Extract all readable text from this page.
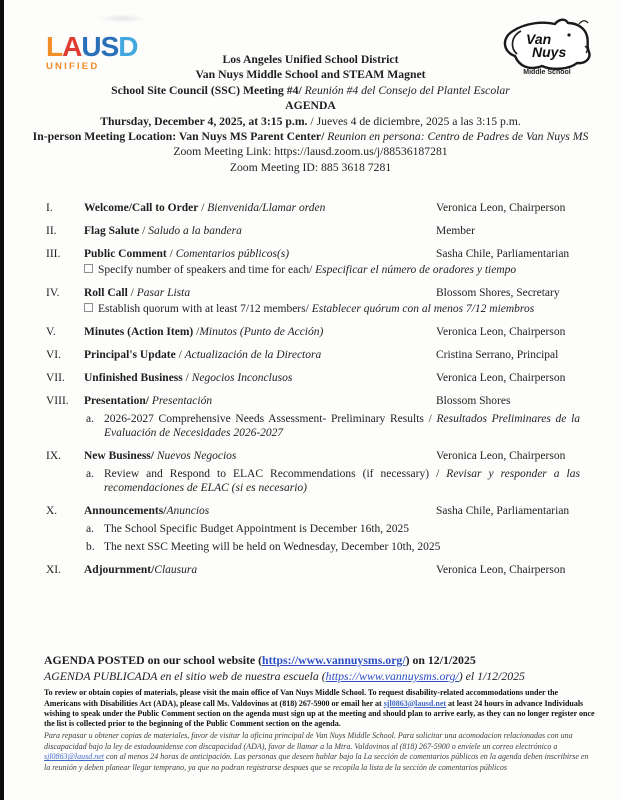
LAUSD
UNIFIED
Van
Nuys
Middle School
Los Angeles Unified School District
Van Nuys Middle School and STEAM Magnet
School Site Council (SSC) Meeting #4/ Reunión #4 del Consejo del Plantel Escolar
AGENDA
Thursday, December 4, 2025, at 3:15 p.m. / Jueves 4 de diciembre, 2025 a las 3:15 p.m.
In-person Meeting Location: Van Nuys MS Parent Center/ Reunion en persona: Centro de Padres de Van Nuys MS
Zoom Meeting Link: https://lausd.zoom.us/j/88536187281
Zoom Meeting ID: 885 3618 7281
I.	Welcome/Call to Order / Bienvenida/Llamar orden	Veronica Leon, Chairperson
II.	Flag Salute / Saludo a la bandera	Member
III.	Public Comment / Comentarios públicos(s)	Sasha Chile, Parliamentarian
Specify number of speakers and time for each/ Especificar el número de oradores y tiempo
IV.	Roll Call / Pasar Lista	Blossom Shores, Secretary
Establish quorum with at least 7/12 members/ Establecer quórum con al menos 7/12 miembros
V.	Minutes (Action Item) /Minutos (Punto de Acción)	Veronica Leon, Chairperson
VI.	Principal's Update / Actualización de la Directora	Cristina Serrano, Principal
VII.	Unfinished Business / Negocios Inconclusos	Veronica Leon, Chairperson
VIII.	Presentation/ Presentación	Blossom Shores
a. 2026-2027 Comprehensive Needs Assessment- Preliminary Results / Resultados Preliminares de la Evaluación de Necesidades 2026-2027
IX.	New Business/ Nuevos Negocios	Veronica Leon, Chairperson
a. Review and Respond to ELAC Recommendations (if necessary) / Revisar y responder a las recomendaciones de ELAC (si es necesario)
X.	Announcements/Anuncios	Sasha Chile, Parliamentarian
a. The School Specific Budget Appointment is December 16th, 2025
b. The next SSC Meeting will be held on Wednesday, December 10th, 2025
XI.	Adjournment/Clausura	Veronica Leon, Chairperson
AGENDA POSTED on our school website (https://www.vannuysms.org/) on 12/1/2025
AGENDA PUBLICADA en el sitio web de nuestra escuela (https://www.vannuysms.org/) el 1/12/2025
To review or obtain copies of materials, please visit the main office of Van Nuys Middle School. To request disability-related accommodations under the Americans with Disabilities Act (ADA), please call Ms. Valdovinos at (818) 267-5900 or email her at sjl0863@lausd.net at least 24 hours in advance Individuals wishing to speak under the Public Comment section on the agenda must sign up at the meeting and should plan to arrive early, as they can no longer register once the list is collected prior to the beginning of the Public Comment section on the agenda.
Para repasar u obtener copias de materiales, favor de visitar la oficina principal de Van Nuys Middle School. Para solicitar una acomodacion relacionadas con una discapacidad bajo la ley de estadounidense con discapacidad (ADA), favor de llamar a la Mtra. Valdovinos al (818) 267-5900 o envíele un correo electrónico a sjl0863@lausd.net con al menos 24 horas de anticipación. Las personas que deseen hablar bajo la La sección de comentarios públicos en la agenda deben inscribirse en la reunión y deben planear llegar temprano, ya que no podran registrarse despues que se recopila la lista de la sección de comentarios públicos
